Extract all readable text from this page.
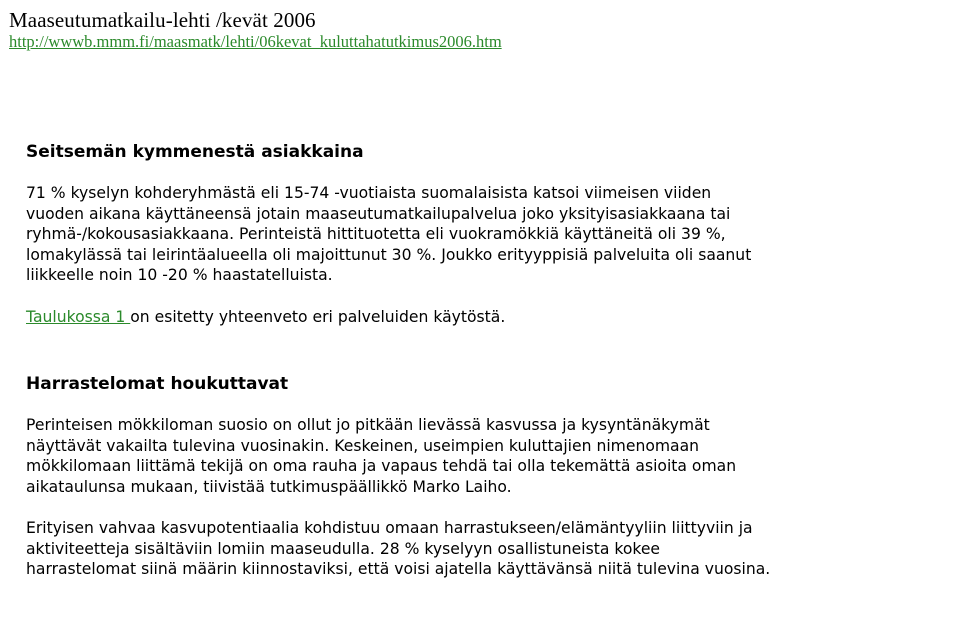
Maaseutumatkailu-lehti /kevät 2006
http://wwwb.mmm.fi/maasmatk/lehti/06kevat_kuluttahatutkimus2006.htm
Seitsemän kymmenestä asiakkaina

71 % kyselyn kohderyhmästä eli 15-74 -vuotiaista suomalaisista katsoi viimeisen viiden
vuoden aikana käyttäneensä jotain maaseutumatkailupalvelua joko yksityisasiakkaana tai
ryhmä-/kokousasiakkaana. Perinteistä hittituotetta eli vuokramökkiä käyttäneitä oli 39 %,
lomakylässä tai leirintäalueella oli majoittunut 30 %. Joukko erityyppisiä palveluita oli saanut
liikkeelle noin 10 -20 % haastatelluista.

Taulukossa 1 on esitetty yhteenveto eri palveluiden käytöstä.

Harrastelomat houkuttavat

Perinteisen mökkiloman suosio on ollut jo pitkään lievässä kasvussa ja kysyntänäkymät
näyttävät vakailta tulevina vuosinakin. Keskeinen, useimpien kuluttajien nimenomaan
mökkilomaan liittämä tekijä on oma rauha ja vapaus tehdä tai olla tekemättä asioita oman
aikataulunsa mukaan, tiivistää tutkimuspäällikkö Marko Laiho.

Erityisen vahvaa kasvupotentiaalia kohdistuu omaan harrastukseen/elämäntyyliin liittyviin ja
aktiviteetteja sisältäviin lomiin maaseudulla. 28 % kyselyyn osallistuneista kokee
harrastelomat siinä määrin kiinnostaviksi, että voisi ajatella käyttävänsä niitä tulevina vuosina.
